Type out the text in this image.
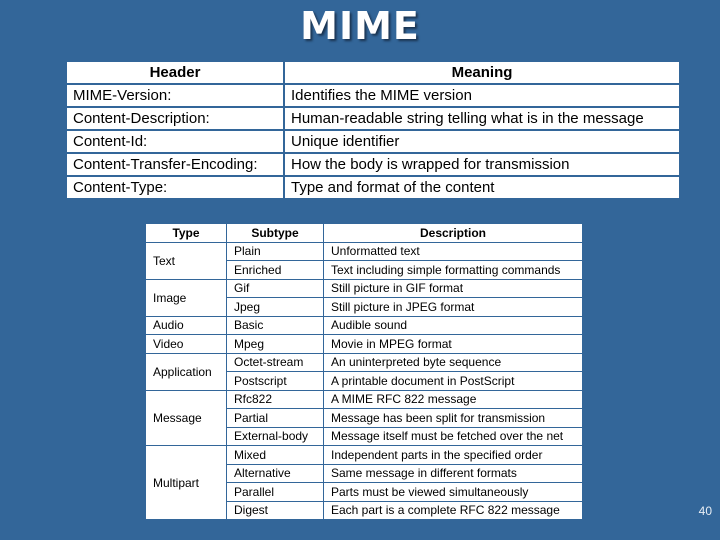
MIME
Header	Meaning
MIME-Version:	Identifies the MIME version
Content-Description:	Human-readable string telling what is in the message
Content-Id:	Unique identifier
Content-Transfer-Encoding:	How the body is wrapped for transmission
Content-Type:	Type and format of the content
Type	Subtype	Description
Text	Plain	Unformatted text
	Enriched	Text including simple formatting commands
Image	Gif	Still picture in GIF format
	Jpeg	Still picture in JPEG format
Audio	Basic	Audible sound
Video	Mpeg	Movie in MPEG format
Application	Octet-stream	An uninterpreted byte sequence
	Postscript	A printable document in PostScript
Message	Rfc822	A MIME RFC 822 message
	Partial	Message has been split for transmission
	External-body	Message itself must be fetched over the net
Multipart	Mixed	Independent parts in the specified order
	Alternative	Same message in different formats
	Parallel	Parts must be viewed simultaneously
	Digest	Each part is a complete RFC 822 message	40
